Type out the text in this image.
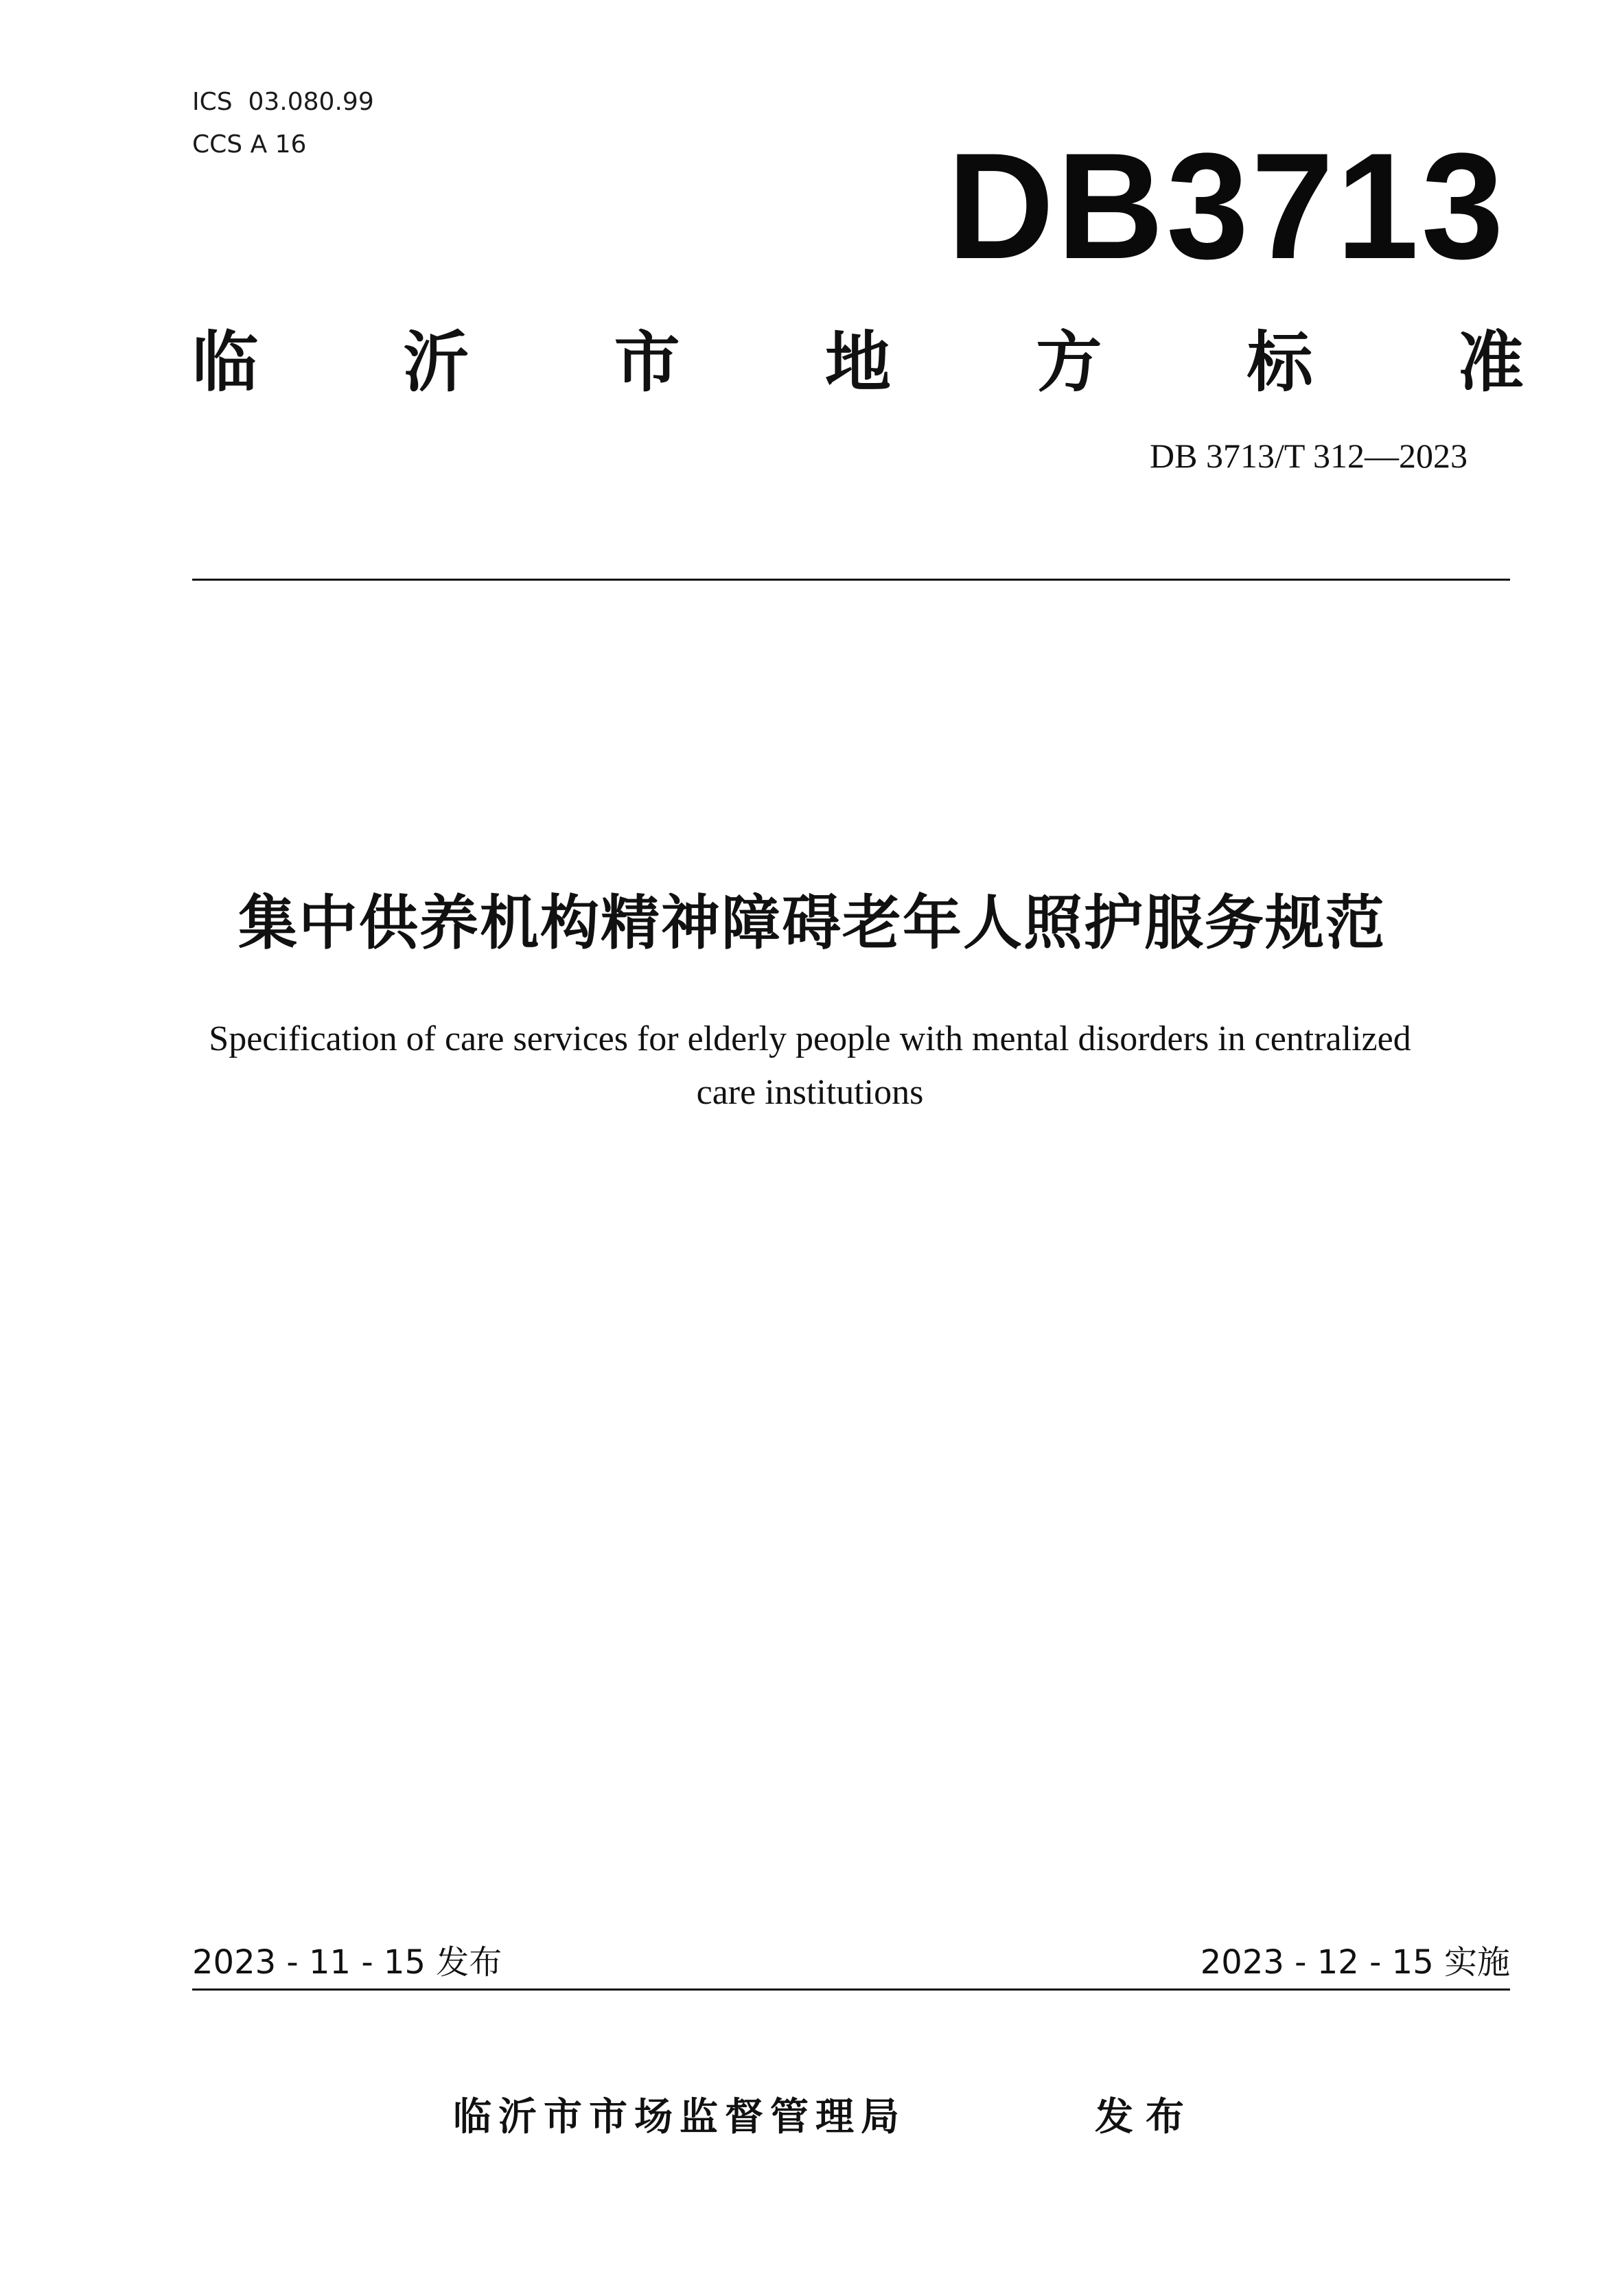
ICS 03.080.99
CCS A 16	DB3713
临 沂 市 地 方 标 准
DB 3713/T 312—2023
集中供养机构精神障碍老年人照护服务规范
Specification of care services for elderly people with mental disorders in centralized
care institutions
2023 - 11 - 15 发布	2023 - 12 - 15 实施
临沂市市场监督管理局	发布
